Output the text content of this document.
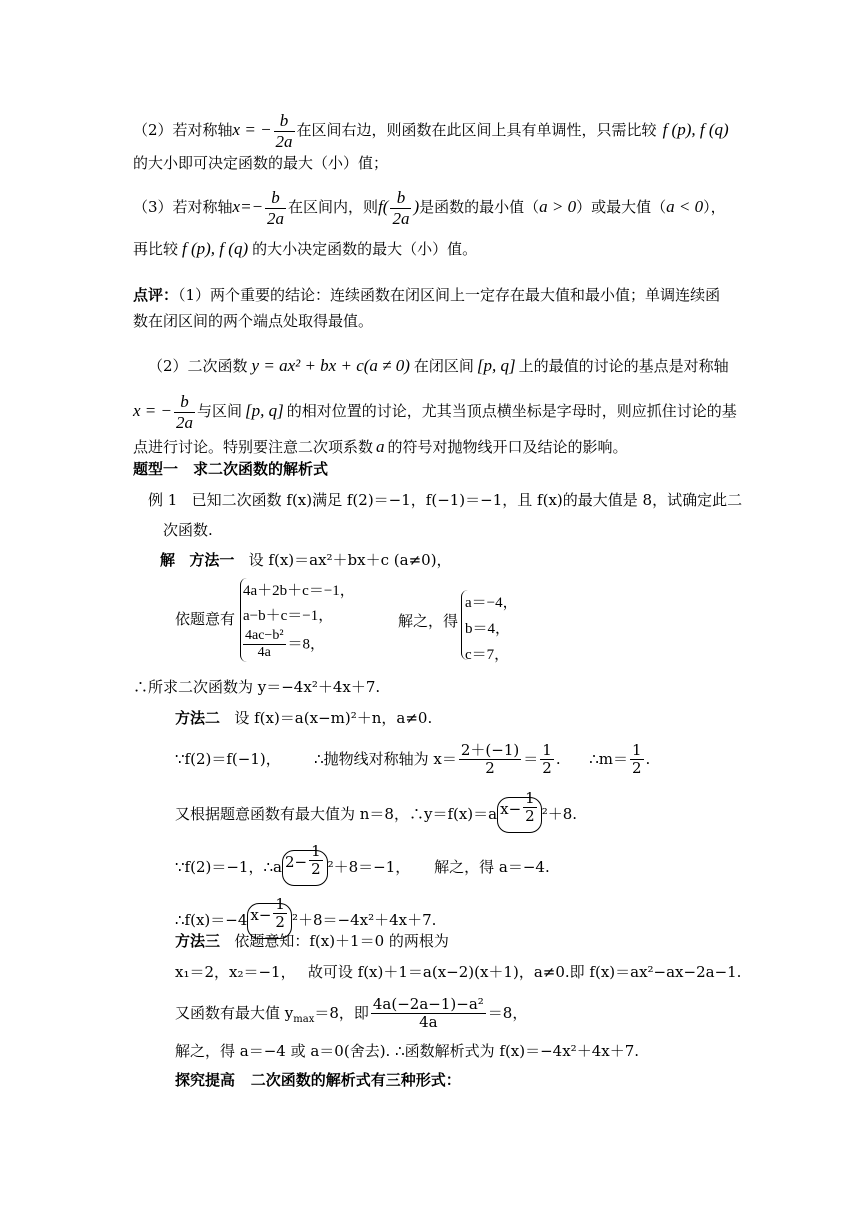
（2）若对称轴x = − $\frac{b}{2a}$ 在区间右边，则函数在此区间上具有单调性，只需比较 f (p), f (q)
的大小即可决定函数的最大（小）值；
（3）若对称轴$x=- \frac{b}{2a}$ 在区间内，则$f( \frac{b}{2a}$ )是函数的最小值（a > 0）或最大值（a < 0），
再比较 f (p), f (q) 的大小决定函数的最大（小）值。
点评：（1）两个重要的结论：连续函数在闭区间上一定存在最大值和最小值；单调连续函
数在闭区间的两个端点处取得最值。
（2）二次函数 y = ax² + bx + c(a ≠ 0) 在闭区间 [p, q] 上的最值的讨论的基点是对称轴
x = − $\frac{b}{2a}$ 与区间 [p, q] 的相对位置的讨论，尤其当顶点横坐标是字母时，则应抓住讨论的基
点进行讨论。特别要注意二次项系数 a 的符号对抛物线开口及结论的影响。
题型一　求二次函数的解析式
例 1 已知二次函数 f(x)满足 f(2)＝−1，f(−1)＝−1，且 f(x)的最大值是 8，试确定此二
次函数.
解 方法一 设 f(x)＝ax²＋bx＋c (a≠0)，
依题意有
4a＋2b＋c＝−1，
a−b＋c＝−1，
$\frac{\text{4ac−b²}}{4a} =8$，
解之，得
a＝−4，
b＝4，
c＝7，
∴所求二次函数为 y＝−4x²＋4x＋7.
方法二 设 f(x)＝a(x−m)²＋n，a≠0.
∵f(2)＝f(−1)， ∴抛物线对称轴为 $x= \frac{2+(-1)}{2} = \frac{1}{2}$ . ∴m＝ $\frac{1}{2}$ .
又根据题意函数有最大值为 n＝8，∴y＝f(x)＝a $x- \frac{1}{2} ^2+8$.
∵f(2)＝−1，∴a $2- \frac{1}{2} ^2+8=-1$， 解之，得 a＝−4.
∴f(x)＝−4 $x- \frac{1}{2} ^2+8=-4x^2+4x+7$.
方法三 依题意知：f(x)＋1＝0 的两根为
x₁＝2，x₂＝−1，　 故可设 f(x)＋1＝a(x−2)(x＋1)，a≠0.即 f(x)＝ax²−ax−2a−1.
又函数有最大值 $y_{max}=8$，即 $\frac{\text{4a(−2a−1)−a²}}{4a} =8$，
解之，得 a＝−4 或 a＝0(舍去). ∴函数解析式为 f(x)＝−4x²＋4x＋7.
探究提高 二次函数的解析式有三种形式：
